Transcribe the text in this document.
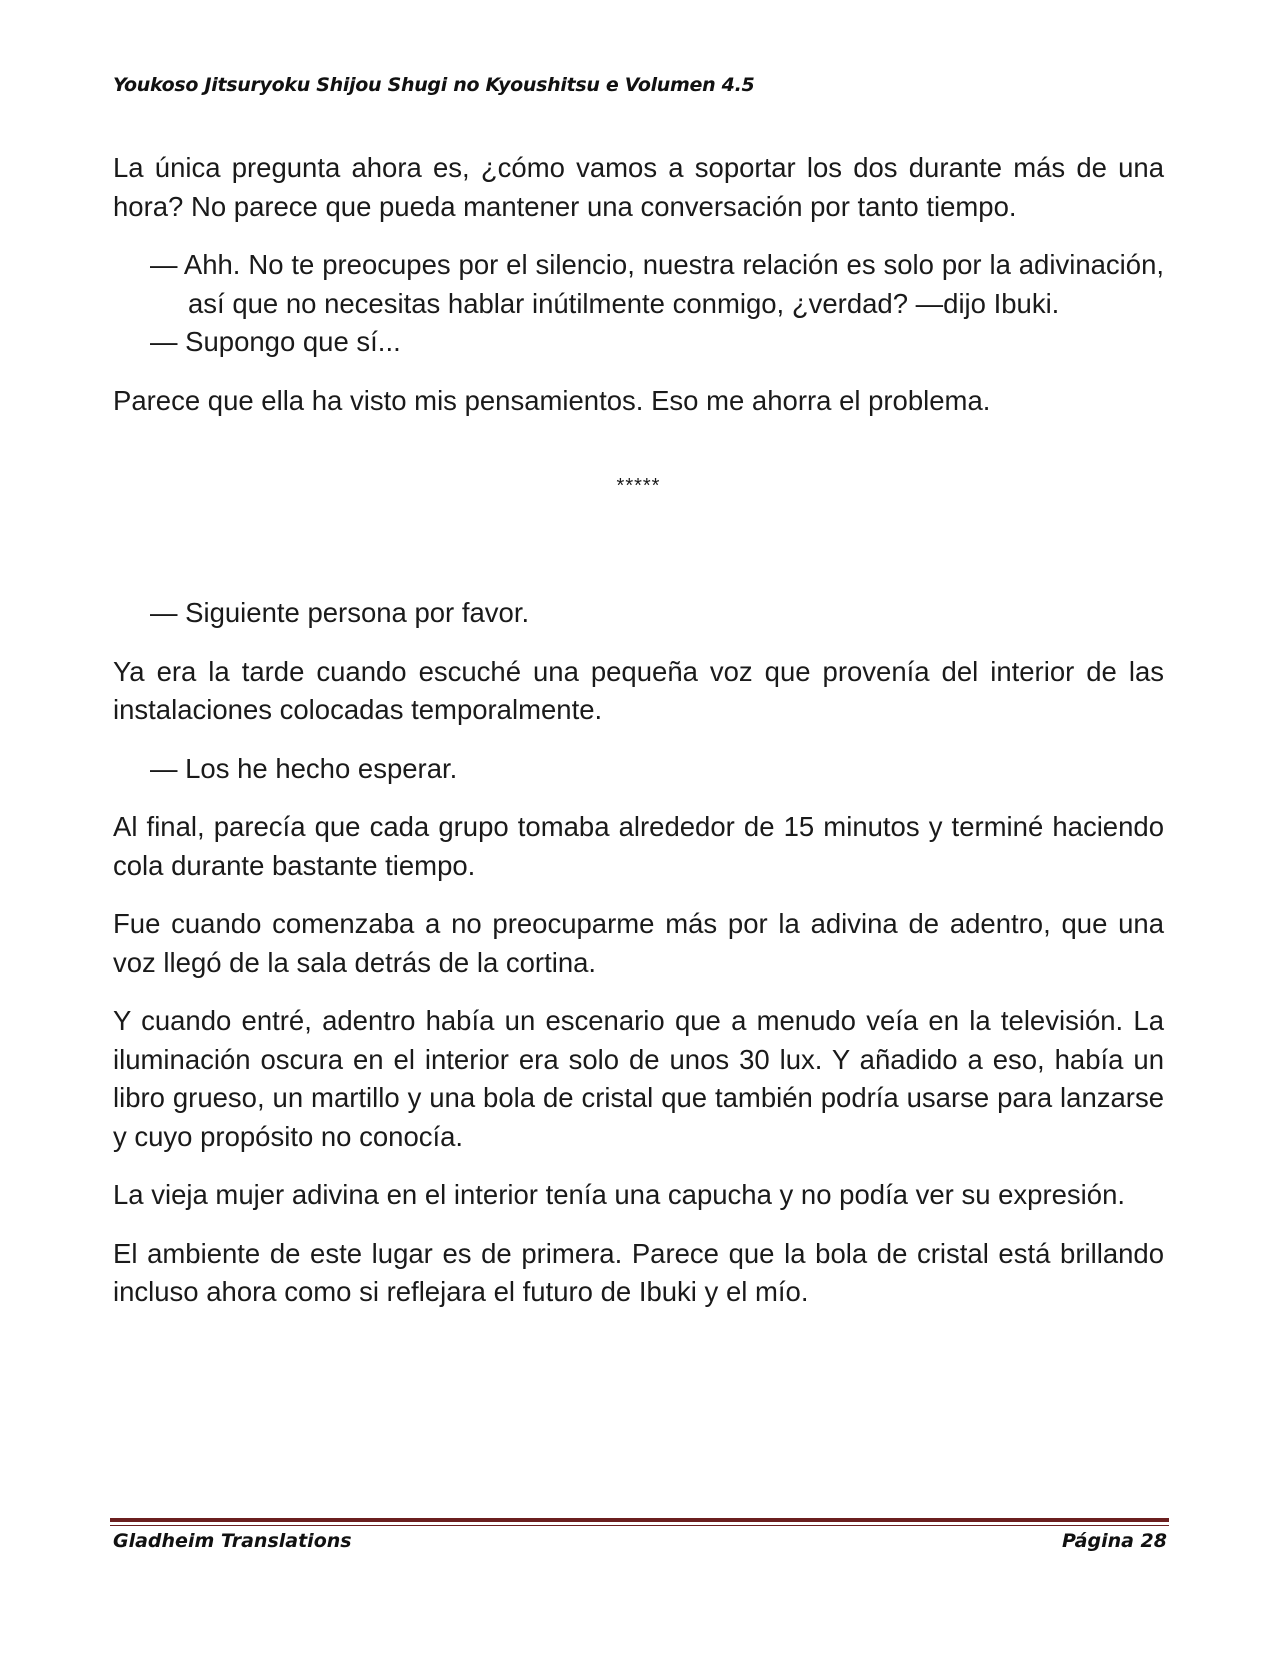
Youkoso Jitsuryoku Shijou Shugi no Kyoushitsu e Volumen 4.5

La única pregunta ahora es, ¿cómo vamos a soportar los dos durante más de una hora? No parece que pueda mantener una conversación por tanto tiempo.

— Ahh. No te preocupes por el silencio, nuestra relación es solo por la adivinación, así que no necesitas hablar inútilmente conmigo, ¿verdad? —dijo Ibuki.

— Supongo que sí...

Parece que ella ha visto mis pensamientos. Eso me ahorra el problema.

*****

— Siguiente persona por favor.

Ya era la tarde cuando escuché una pequeña voz que provenía del interior de las instalaciones colocadas temporalmente.

— Los he hecho esperar.

Al final, parecía que cada grupo tomaba alrededor de 15 minutos y terminé haciendo cola durante bastante tiempo.

Fue cuando comenzaba a no preocuparme más por la adivina de adentro, que una voz llegó de la sala detrás de la cortina.

Y cuando entré, adentro había un escenario que a menudo veía en la televisión. La iluminación oscura en el interior era solo de unos 30 lux. Y añadido a eso, había un libro grueso, un martillo y una bola de cristal que también podría usarse para lanzarse y cuyo propósito no conocía.

La vieja mujer adivina en el interior tenía una capucha y no podía ver su expresión.

El ambiente de este lugar es de primera. Parece que la bola de cristal está brillando incluso ahora como si reflejara el futuro de Ibuki y el mío.

Gladheim Translations	Página 28
